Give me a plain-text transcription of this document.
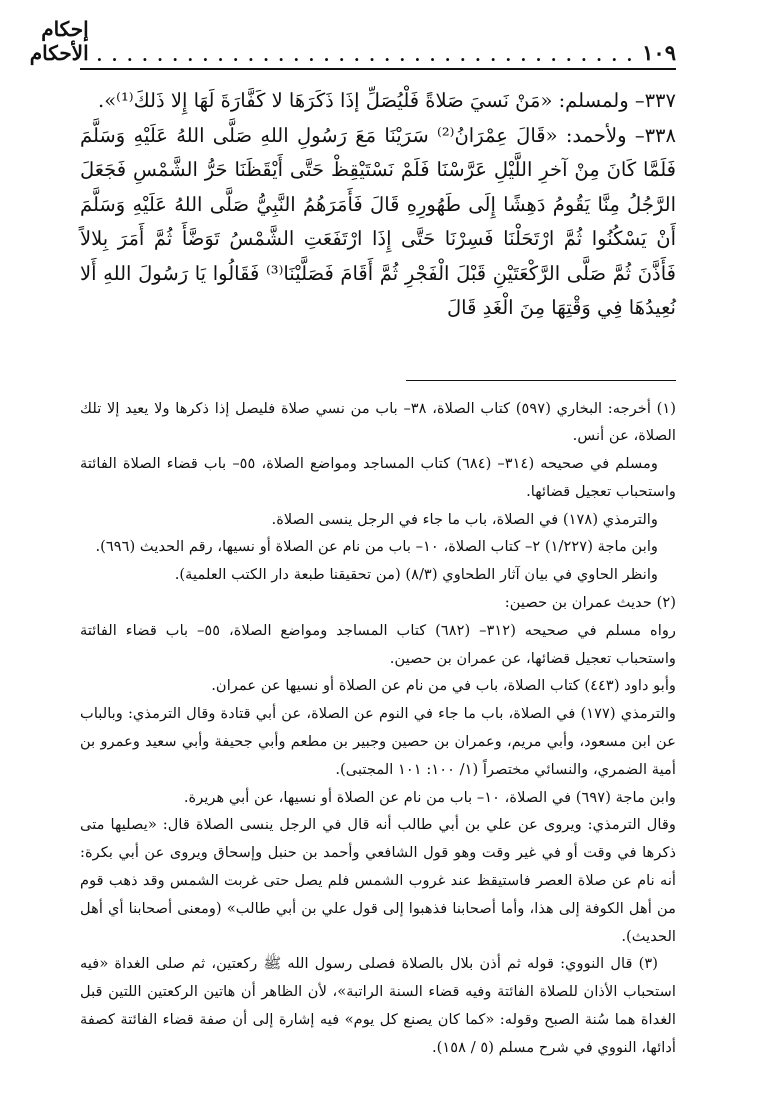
١٠٩
. . . . . . . . . . . . . . . . . . . . . . . . . . . . . . . . . . . .
إحكام الأحكام

٣٣٧– ولمسلم: «مَنْ نَسيَ صَلاةً فَلْيُصَلِّ إذَا ذَكَرَهَا لا كَفَّارَةَ لَهَا إِلا ذَلكَ⁽¹⁾».

٣٣٨– ولأحمد: «قَالَ عِمْرَانُ⁽²⁾ سَرَيْنَا مَعَ رَسُولِ اللهِ صَلَّى اللهُ عَلَيْهِ وَسَلَّمَ فَلَمَّا كَانَ مِنْ آخرِ اللَّيْلِ عَرَّسْنَا فَلَمْ نَسْتَيْقِظْ حَتَّى أَيْقَظَنَا حَرُّ الشَّمْسِ فَجَعَلَ الرَّجُلُ مِنَّا يَقُومُ دَهِشًا إِلَى طَهُورِهِ قَالَ فَأَمَرَهُمُ النَّبِيُّ صَلَّى اللهُ عَلَيْهِ وَسَلَّمَ أَنْ يَسْكُنُوا ثُمَّ ارْتَحَلْنَا فَسِرْنَا حَتَّى إِذَا ارْتَفَعَتِ الشَّمْسُ تَوَضَّأَ ثُمَّ أَمَرَ بِلالاً فَأَذَّنَ ثُمَّ صَلَّى الرَّكْعَتَيْنِ قَبْلَ الْفَجْرِ ثُمَّ أَقَامَ فَصَلَّيْنَا⁽³⁾ فَقَالُوا يَا رَسُولَ اللهِ أَلا نُعِيدُهَا فِي وَقْتِهَا مِنَ الْغَدِ قَالَ

(١) أخرجه: البخاري (٥٩٧) كتاب الصلاة، ٣٨– باب من نسي صلاة فليصل إذا ذكرها ولا يعيد إلا تلك الصلاة، عن أنس.

ومسلم في صحيحه (٣١٤– (٦٨٤) كتاب المساجد ومواضع الصلاة، ٥٥– باب قضاء الصلاة الفائتة واستحباب تعجيل قضائها.

والترمذي (١٧٨) في الصلاة، باب ما جاء في الرجل ينسى الصلاة.

وابن ماجة (١/٢٢٧) ٢– كتاب الصلاة، ١٠– باب من نام عن الصلاة أو نسيها، رقم الحديث (٦٩٦).

وانظر الحاوي في بيان آثار الطحاوي (٨/٣) (من تحقيقنا طبعة دار الكتب العلمية).

(٢) حديث عمران بن حصين:

رواه مسلم في صحيحه (٣١٢– (٦٨٢) كتاب المساجد ومواضع الصلاة، ٥٥– باب قضاء الفائتة واستحباب تعجيل قضائها، عن عمران بن حصين.

وأبو داود (٤٤٣) كتاب الصلاة، باب في من نام عن الصلاة أو نسيها عن عمران.

والترمذي (١٧٧) في الصلاة، باب ما جاء في النوم عن الصلاة، عن أبي قتادة وقال الترمذي: وبالباب عن ابن مسعود، وأبي مريم، وعمران بن حصين وجبير بن مطعم وأبي جحيفة وأبي سعيد وعمرو بن أمية الضمري، والنسائي مختصراً (١/ ١٠٠: ١٠١ المجتبى).

وابن ماجة (٦٩٧) في الصلاة، ١٠– باب من نام عن الصلاة أو نسيها، عن أبي هريرة.

وقال الترمذي: ويروى عن علي بن أبي طالب أنه قال في الرجل ينسى الصلاة قال: «يصليها متى ذكرها في وقت أو في غير وقت وهو قول الشافعي وأحمد بن حنبل وإسحاق ويروى عن أبي بكرة: أنه نام عن صلاة العصر فاستيقظ عند غروب الشمس فلم يصل حتى غربت الشمس وقد ذهب قوم من أهل الكوفة إلى هذا، وأما أصحابنا فذهبوا إلى قول علي بن أبي طالب» (ومعنى أصحابنا أي أهل الحديث).

(٣) قال النووي: قوله ثم أذن بلال بالصلاة فصلى رسول الله ﷺ ركعتين، ثم صلى الغداة «فيه استحباب الأذان للصلاة الفائتة وفيه قضاء السنة الراتبة»، لأن الظاهر أن هاتين الركعتين اللتين قبل الغداة هما سُنة الصبح وقوله: «كما كان يصنع كل يوم» فيه إشارة إلى أن صفة قضاء الفائتة كصفة أدائها، النووي في شرح مسلم (٥ / ١٥٨).
